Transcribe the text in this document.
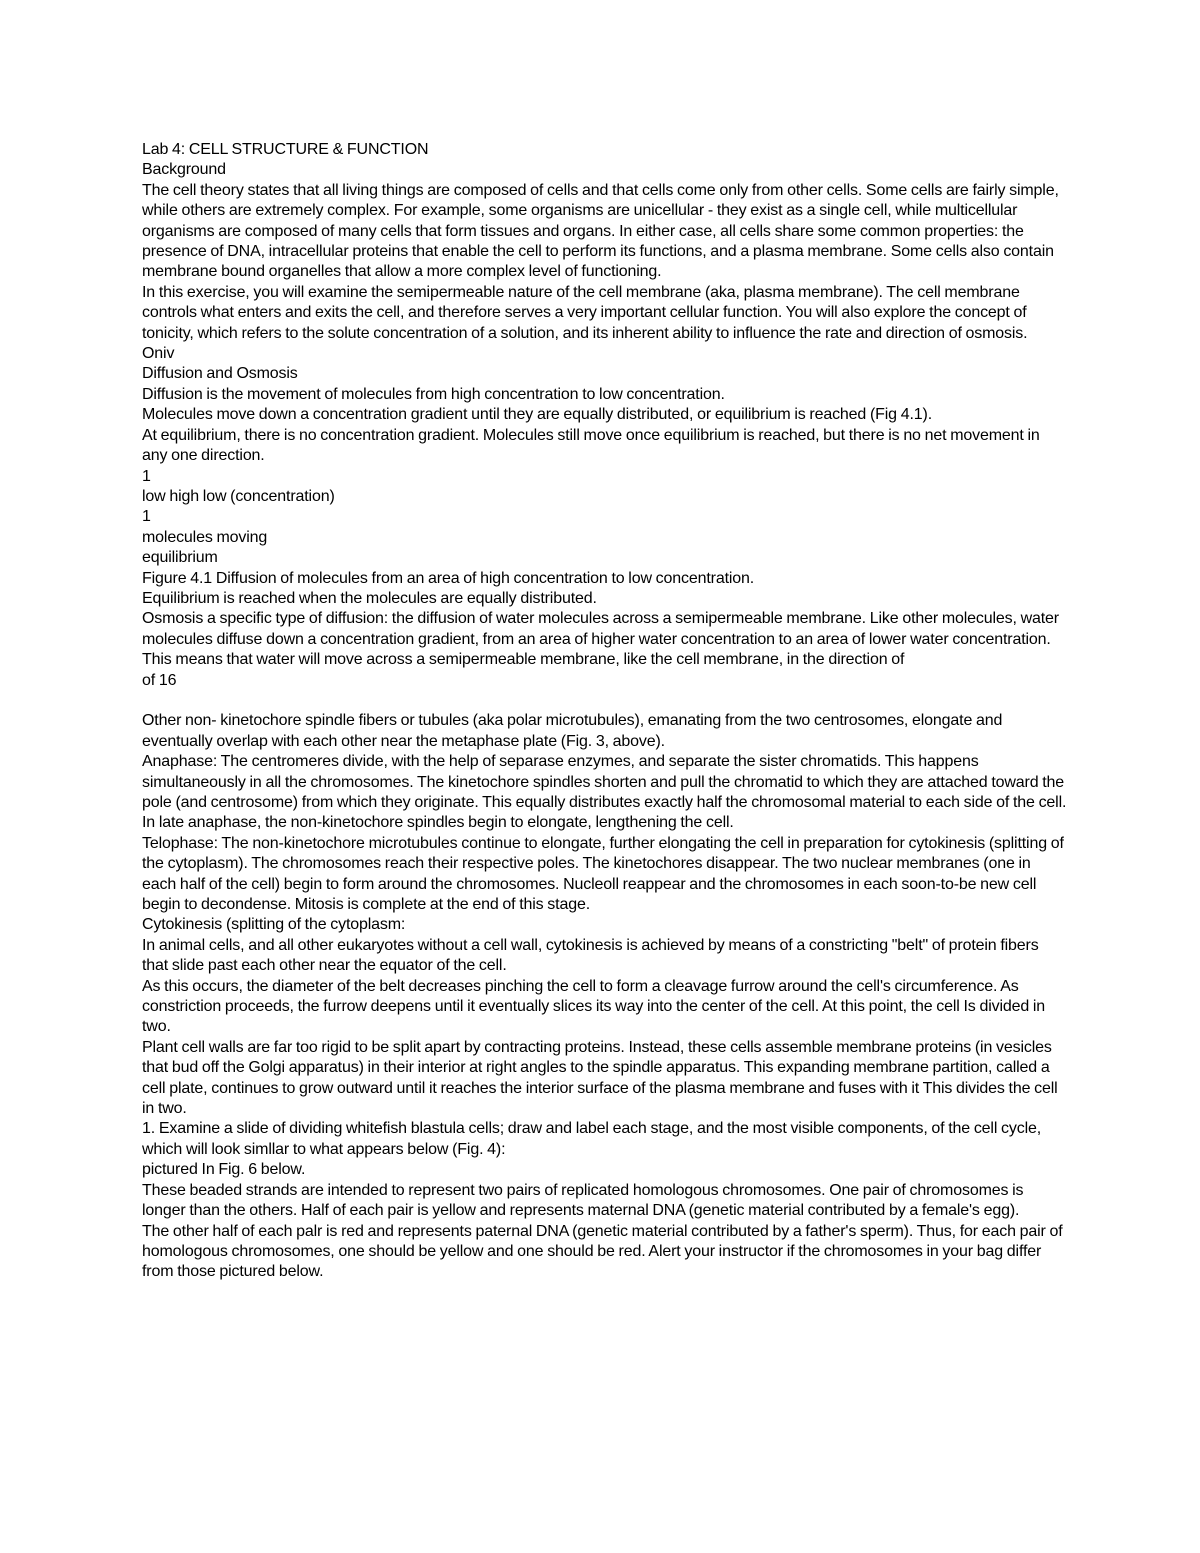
Lab 4: CELL STRUCTURE & FUNCTION

Background

The cell theory states that all living things are composed of cells and that cells come only from other cells. Some cells are fairly simple, while others are extremely complex. For example, some organisms are unicellular - they exist as a single cell, while multicellular organisms are composed of many cells that form tissues and organs. In either case, all cells share some common properties: the presence of DNA, intracellular proteins that enable the cell to perform its functions, and a plasma membrane. Some cells also contain membrane bound organelles that allow a more complex level of functioning.

In this exercise, you will examine the semipermeable nature of the cell membrane (aka, plasma membrane). The cell membrane controls what enters and exits the cell, and therefore serves a very important cellular function. You will also explore the concept of tonicity, which refers to the solute concentration of a solution, and its inherent ability to influence the rate and direction of osmosis.

Oniv

Diffusion and Osmosis

Diffusion is the movement of molecules from high concentration to low concentration.

Molecules move down a concentration gradient until they are equally distributed, or equilibrium is reached (Fig 4.1).

At equilibrium, there is no concentration gradient. Molecules still move once equilibrium is reached, but there is no net movement in any one direction.

1

low high low (concentration)

1

molecules moving

equilibrium

Figure 4.1 Diffusion of molecules from an area of high concentration to low concentration.

Equilibrium is reached when the molecules are equally distributed.

Osmosis a specific type of diffusion: the diffusion of water molecules across a semipermeable membrane. Like other molecules, water molecules diffuse down a concentration gradient, from an area of higher water concentration to an area of lower water concentration. This means that water will move across a semipermeable membrane, like the cell membrane, in the direction of

of 16

Other non- kinetochore spindle fibers or tubules (aka polar microtubules), emanating from the two centrosomes, elongate and eventually overlap with each other near the metaphase plate (Fig. 3, above).

Anaphase: The centromeres divide, with the help of separase enzymes, and separate the sister chromatids. This happens simultaneously in all the chromosomes. The kinetochore spindles shorten and pull the chromatid to which they are attached toward the pole (and centrosome) from which they originate. This equally distributes exactly half the chromosomal material to each side of the cell. In late anaphase, the non-kinetochore spindles begin to elongate, lengthening the cell.

Telophase: The non-kinetochore microtubules continue to elongate, further elongating the cell in preparation for cytokinesis (splitting of the cytoplasm). The chromosomes reach their respective poles. The kinetochores disappear. The two nuclear membranes (one in each half of the cell) begin to form around the chromosomes. Nucleoll reappear and the chromosomes in each soon-to-be new cell begin to decondense. Mitosis is complete at the end of this stage.

Cytokinesis (splitting of the cytoplasm:

In animal cells, and all other eukaryotes without a cell wall, cytokinesis is achieved by means of a constricting "belt" of protein fibers that slide past each other near the equator of the cell.

As this occurs, the diameter of the belt decreases pinching the cell to form a cleavage furrow around the cell's circumference. As constriction proceeds, the furrow deepens until it eventually slices its way into the center of the cell. At this point, the cell Is divided in two.

Plant cell walls are far too rigid to be split apart by contracting proteins. Instead, these cells assemble membrane proteins (in vesicles that bud off the Golgi apparatus) in their interior at right angles to the spindle apparatus. This expanding membrane partition, called a cell plate, continues to grow outward until it reaches the interior surface of the plasma membrane and fuses with it This divides the cell in two.

1. Examine a slide of dividing whitefish blastula cells; draw and label each stage, and the most visible components, of the cell cycle, which will look simllar to what appears below (Fig. 4):

pictured In Fig. 6 below.

These beaded strands are intended to represent two pairs of replicated homologous chromosomes. One pair of chromosomes is longer than the others. Half of each pair is yellow and represents maternal DNA (genetic material contributed by a female's egg).

The other half of each palr is red and represents paternal DNA (genetic material contributed by a father's sperm). Thus, for each pair of homologous chromosomes, one should be yellow and one should be red. Alert your instructor if the chromosomes in your bag differ from those pictured below.
